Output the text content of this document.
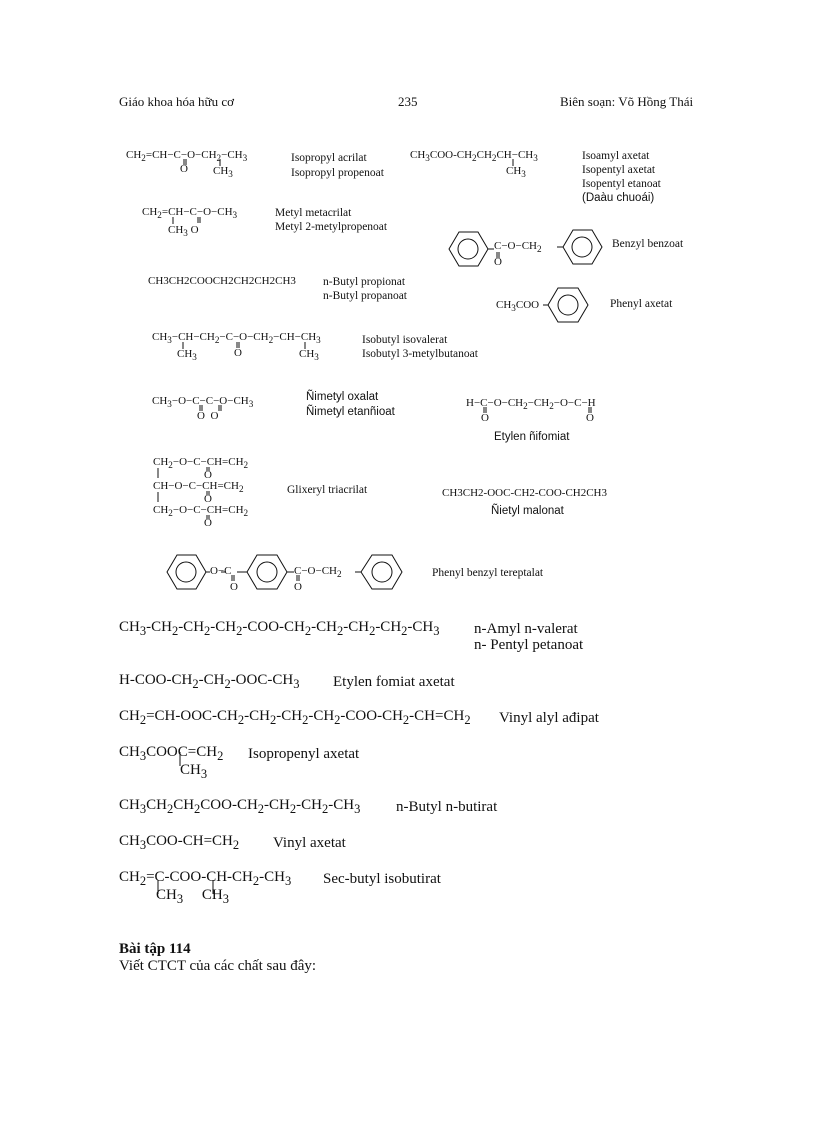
Giáo khoa hóa hữu cơ	235	Biên soạn: Võ Hồng Thái
$CH_2=CH-C-O-CH_2-CH_3$
O $CH_3$
Isopropyl acrilat
Isopropyl propenoat
$CH_3COO-CH_2CH_2CH-CH_3$
$CH_3$
Isoamyl axetat
Isopentyl axetat
Isopentyl etanoat
(Daàu chuoái)
$CH_2=CH-C-O-CH_3$
$CH_3$ O
Metyl metacrilat
Metyl 2-metylpropenoat
$C-O-CH_2$
O
Benzyl benzoat
CH3CH2COOCH2CH2CH2CH3 n-Butyl propionat
n-Butyl propanoat
$CH_3COO$	Phenyl axetat
$CH_3-CH-CH_2-C-O-CH_2-CH-CH_3$
$CH_3$	O	$CH_3$
Isobutyl isovalerat
Isobutyl 3-metylbutanoat
$CH_3-O-C-C-O-CH_3$
O  O
Ñimetyl oxalat
Ñimetyl etanñioat
$H-C-O-CH_2-CH_2-O-C-H$
O	O
Etylen ñifomiat
$CH_2-O-C-CH=CH_2$
O
$CH-O-C-CH=CH_2$
O
$CH_2-O-C-CH=CH_2$
O
Glixeryl triacrilat	CH3CH2-OOC-CH2-COO-CH2CH3
Ñietyl malonat
O−C
O
$C-O-CH_2$
O
Phenyl benzyl tereptalat
$CH_3-CH_2-CH_2-CH_2-COO-CH_2-CH_2-CH_2-CH_2-CH_3$ n-Amyl n-valerat
n- Pentyl petanoat
$H-COO-CH_2-CH_2-OOC-CH_3$ Etylen fomiat axetat
$CH_2=CH-OOC-CH_2-CH_2-CH_2-CH_2-COO-CH_2-CH=CH_2$ Vinyl alyl ađipat
$CH_3COOC=CH_2$
$CH_3$
Isopropenyl axetat
$CH_3CH_2CH_2COO-CH_2-CH_2-CH_2-CH_3$ n-Butyl n-butirat
$CH_3COO-CH=CH_2$ Vinyl axetat
$CH_2=C-COO-CH-CH_2-CH_3$
$CH_3$     $CH_3$
Sec-butyl isobutirat
Bài tập 114
Viết CTCT của các chất sau đây:
